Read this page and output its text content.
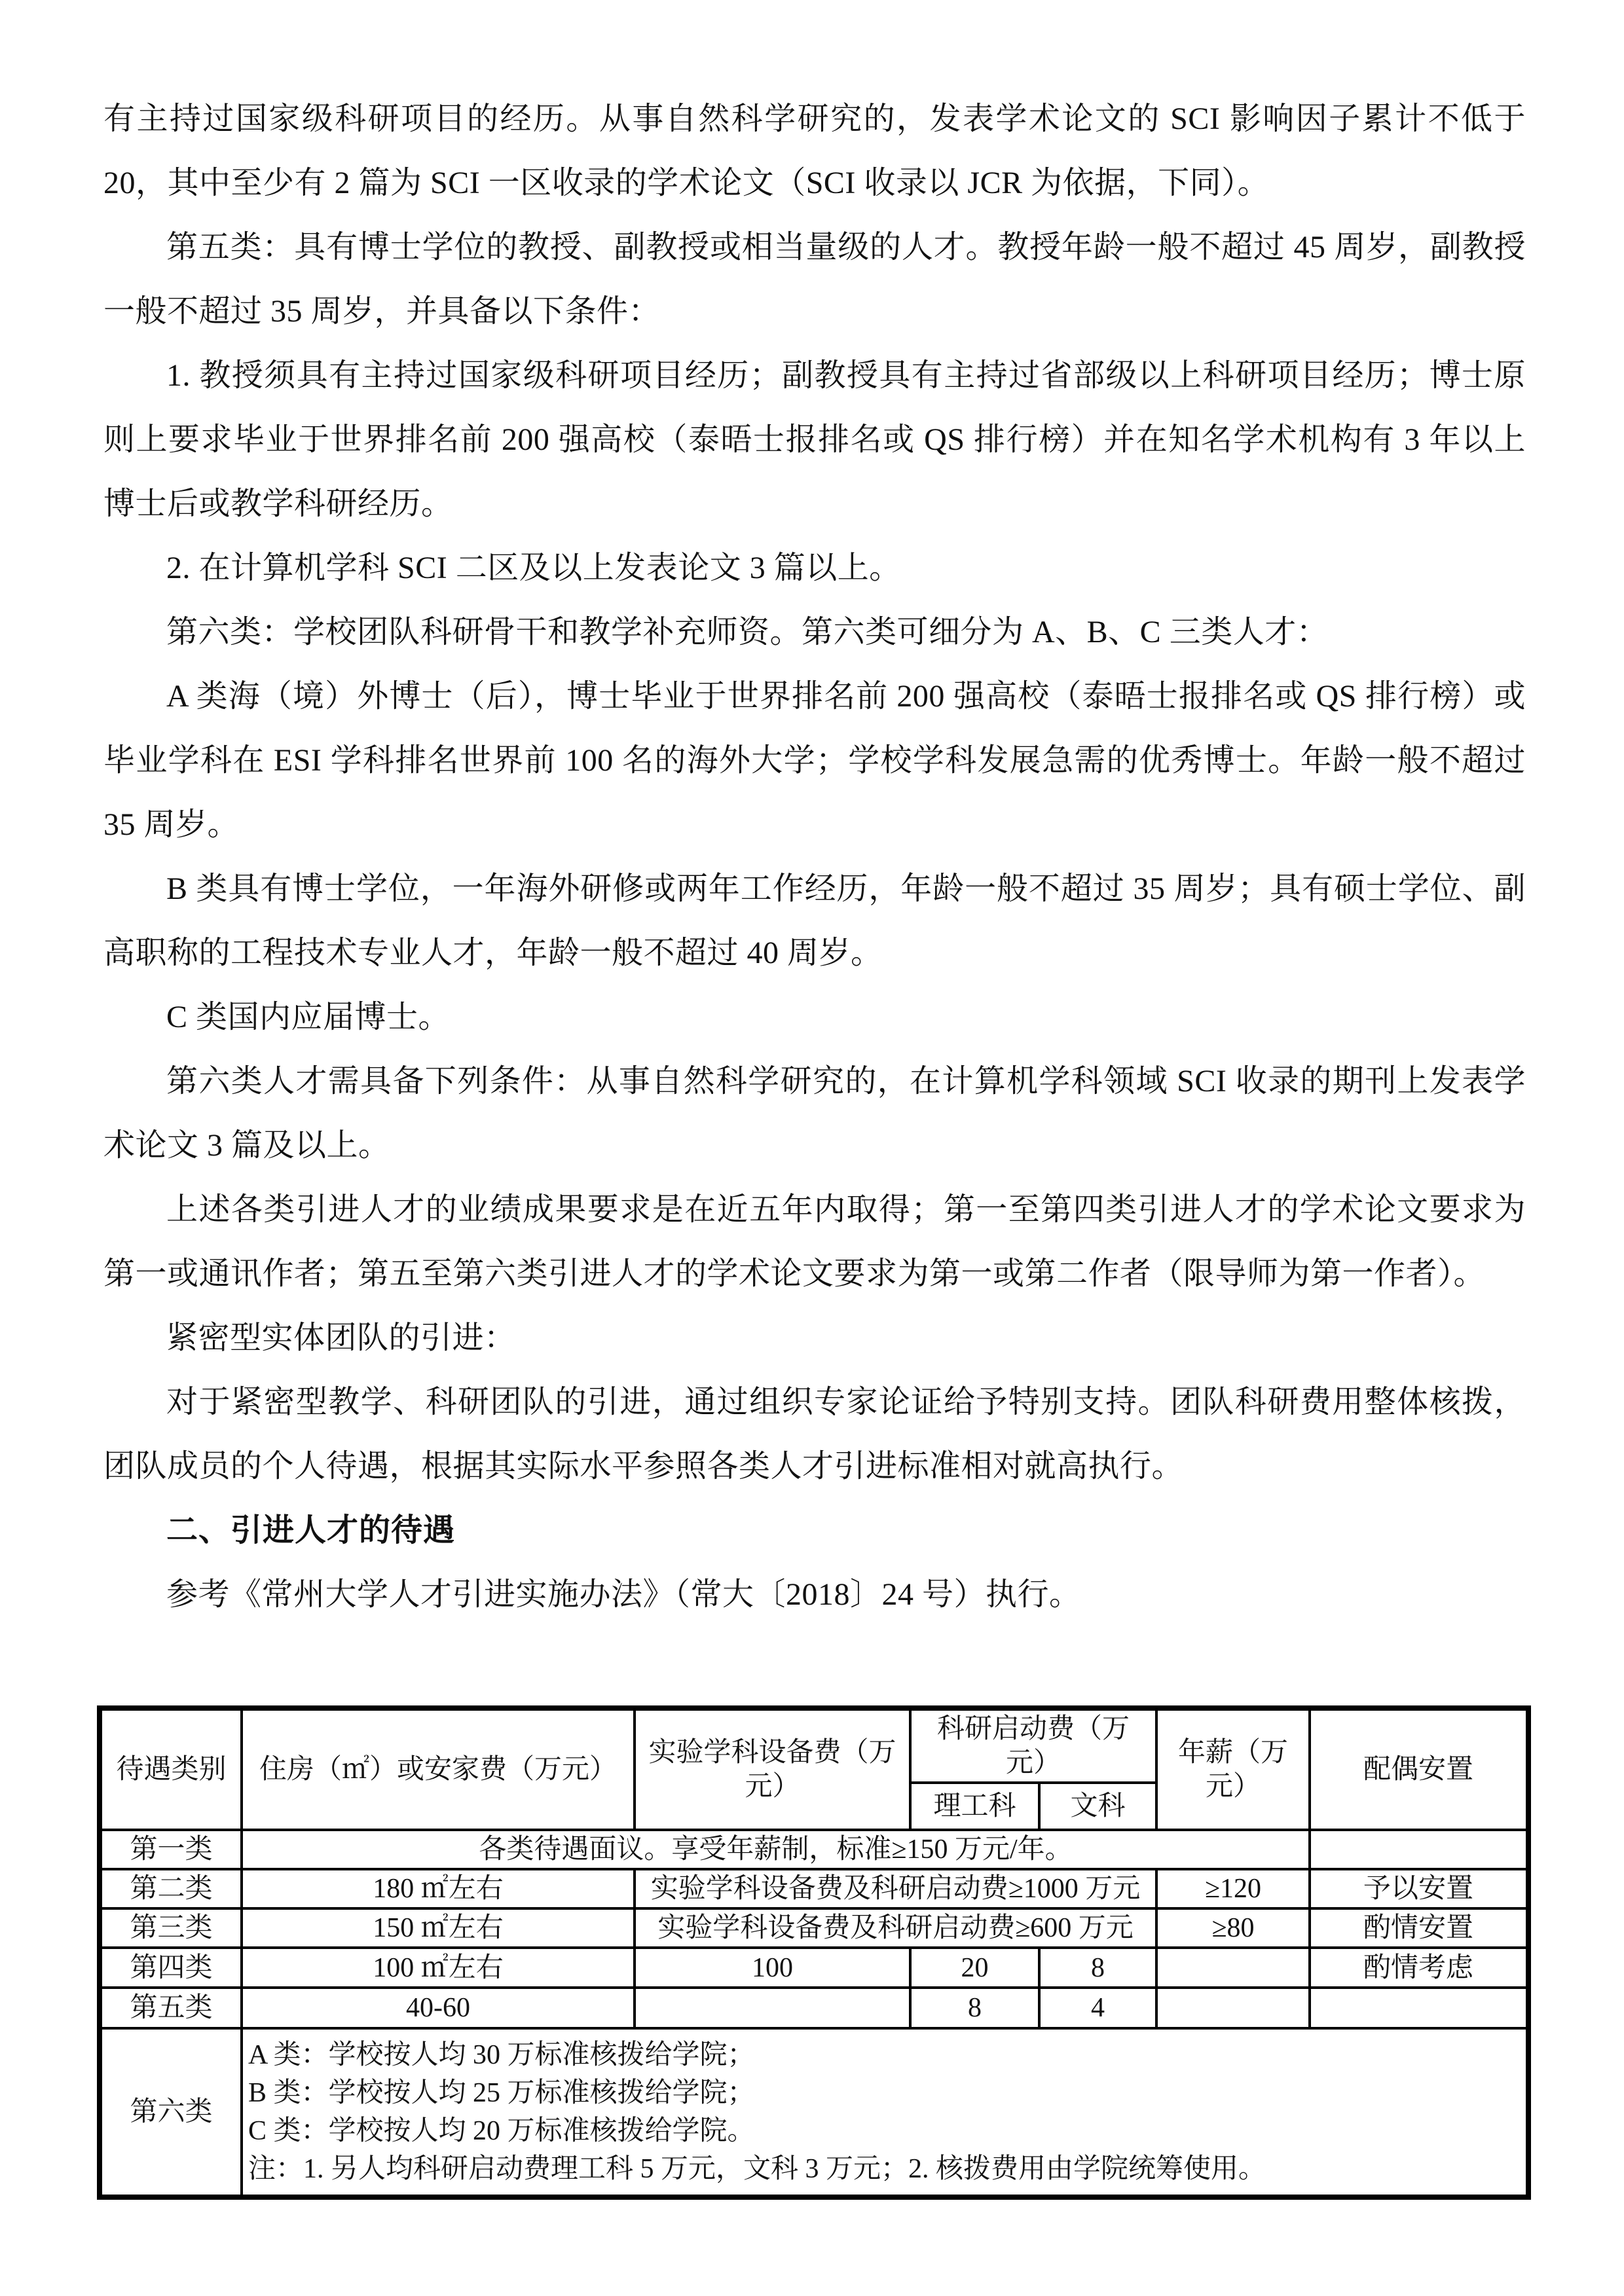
有主持过国家级科研项目的经历。从事自然科学研究的，发表学术论文的 SCI 影响因子累计不低于 20，其中至少有 2 篇为 SCI 一区收录的学术论文（SCI 收录以 JCR 为依据，下同）。

第五类：具有博士学位的教授、副教授或相当量级的人才。教授年龄一般不超过 45 周岁，副教授一般不超过 35 周岁，并具备以下条件：

1. 教授须具有主持过国家级科研项目经历；副教授具有主持过省部级以上科研项目经历；博士原则上要求毕业于世界排名前 200 强高校（泰晤士报排名或 QS 排行榜）并在知名学术机构有 3 年以上博士后或教学科研经历。

2. 在计算机学科 SCI 二区及以上发表论文 3 篇以上。

第六类：学校团队科研骨干和教学补充师资。第六类可细分为 A、B、C 三类人才：

A 类海（境）外博士（后），博士毕业于世界排名前 200 强高校（泰晤士报排名或 QS 排行榜）或毕业学科在 ESI 学科排名世界前 100 名的海外大学；学校学科发展急需的优秀博士。年龄一般不超过 35 周岁。

B 类具有博士学位，一年海外研修或两年工作经历，年龄一般不超过 35 周岁；具有硕士学位、副高职称的工程技术专业人才，年龄一般不超过 40 周岁。

C 类国内应届博士。

第六类人才需具备下列条件：从事自然科学研究的，在计算机学科领域 SCI 收录的期刊上发表学术论文 3 篇及以上。

上述各类引进人才的业绩成果要求是在近五年内取得；第一至第四类引进人才的学术论文要求为第一或通讯作者；第五至第六类引进人才的学术论文要求为第一或第二作者（限导师为第一作者）。

紧密型实体团队的引进：

对于紧密型教学、科研团队的引进，通过组织专家论证给予特别支持。团队科研费用整体核拨，团队成员的个人待遇，根据其实际水平参照各类人才引进标准相对就高执行。

二、引进人才的待遇

参考《常州大学人才引进实施办法》（常大〔2018〕24 号）执行。

待遇类别	住房（㎡）或安家费（万元）	实验学科设备费（万元）	科研启动费（万元）		年薪（万元）	配偶安置
			理工科	文科		
第一类	各类待遇面议。享受年薪制，标准≥150 万元/年。					
第二类	180 ㎡左右	实验学科设备费及科研启动费≥1000 万元			≥120	予以安置
第三类	150 ㎡左右	实验学科设备费及科研启动费≥600 万元			≥80	酌情安置
第四类	100 ㎡左右	100	20	8		酌情考虑
第五类	40-60		8	4		
第六类	A 类：学校按人均 30 万标准核拨给学院；
B 类：学校按人均 25 万标准核拨给学院；
C 类：学校按人均 20 万标准核拨给学院。
注：1. 另人均科研启动费理工科 5 万元，文科 3 万元；2. 核拨费用由学院统筹使用。					
